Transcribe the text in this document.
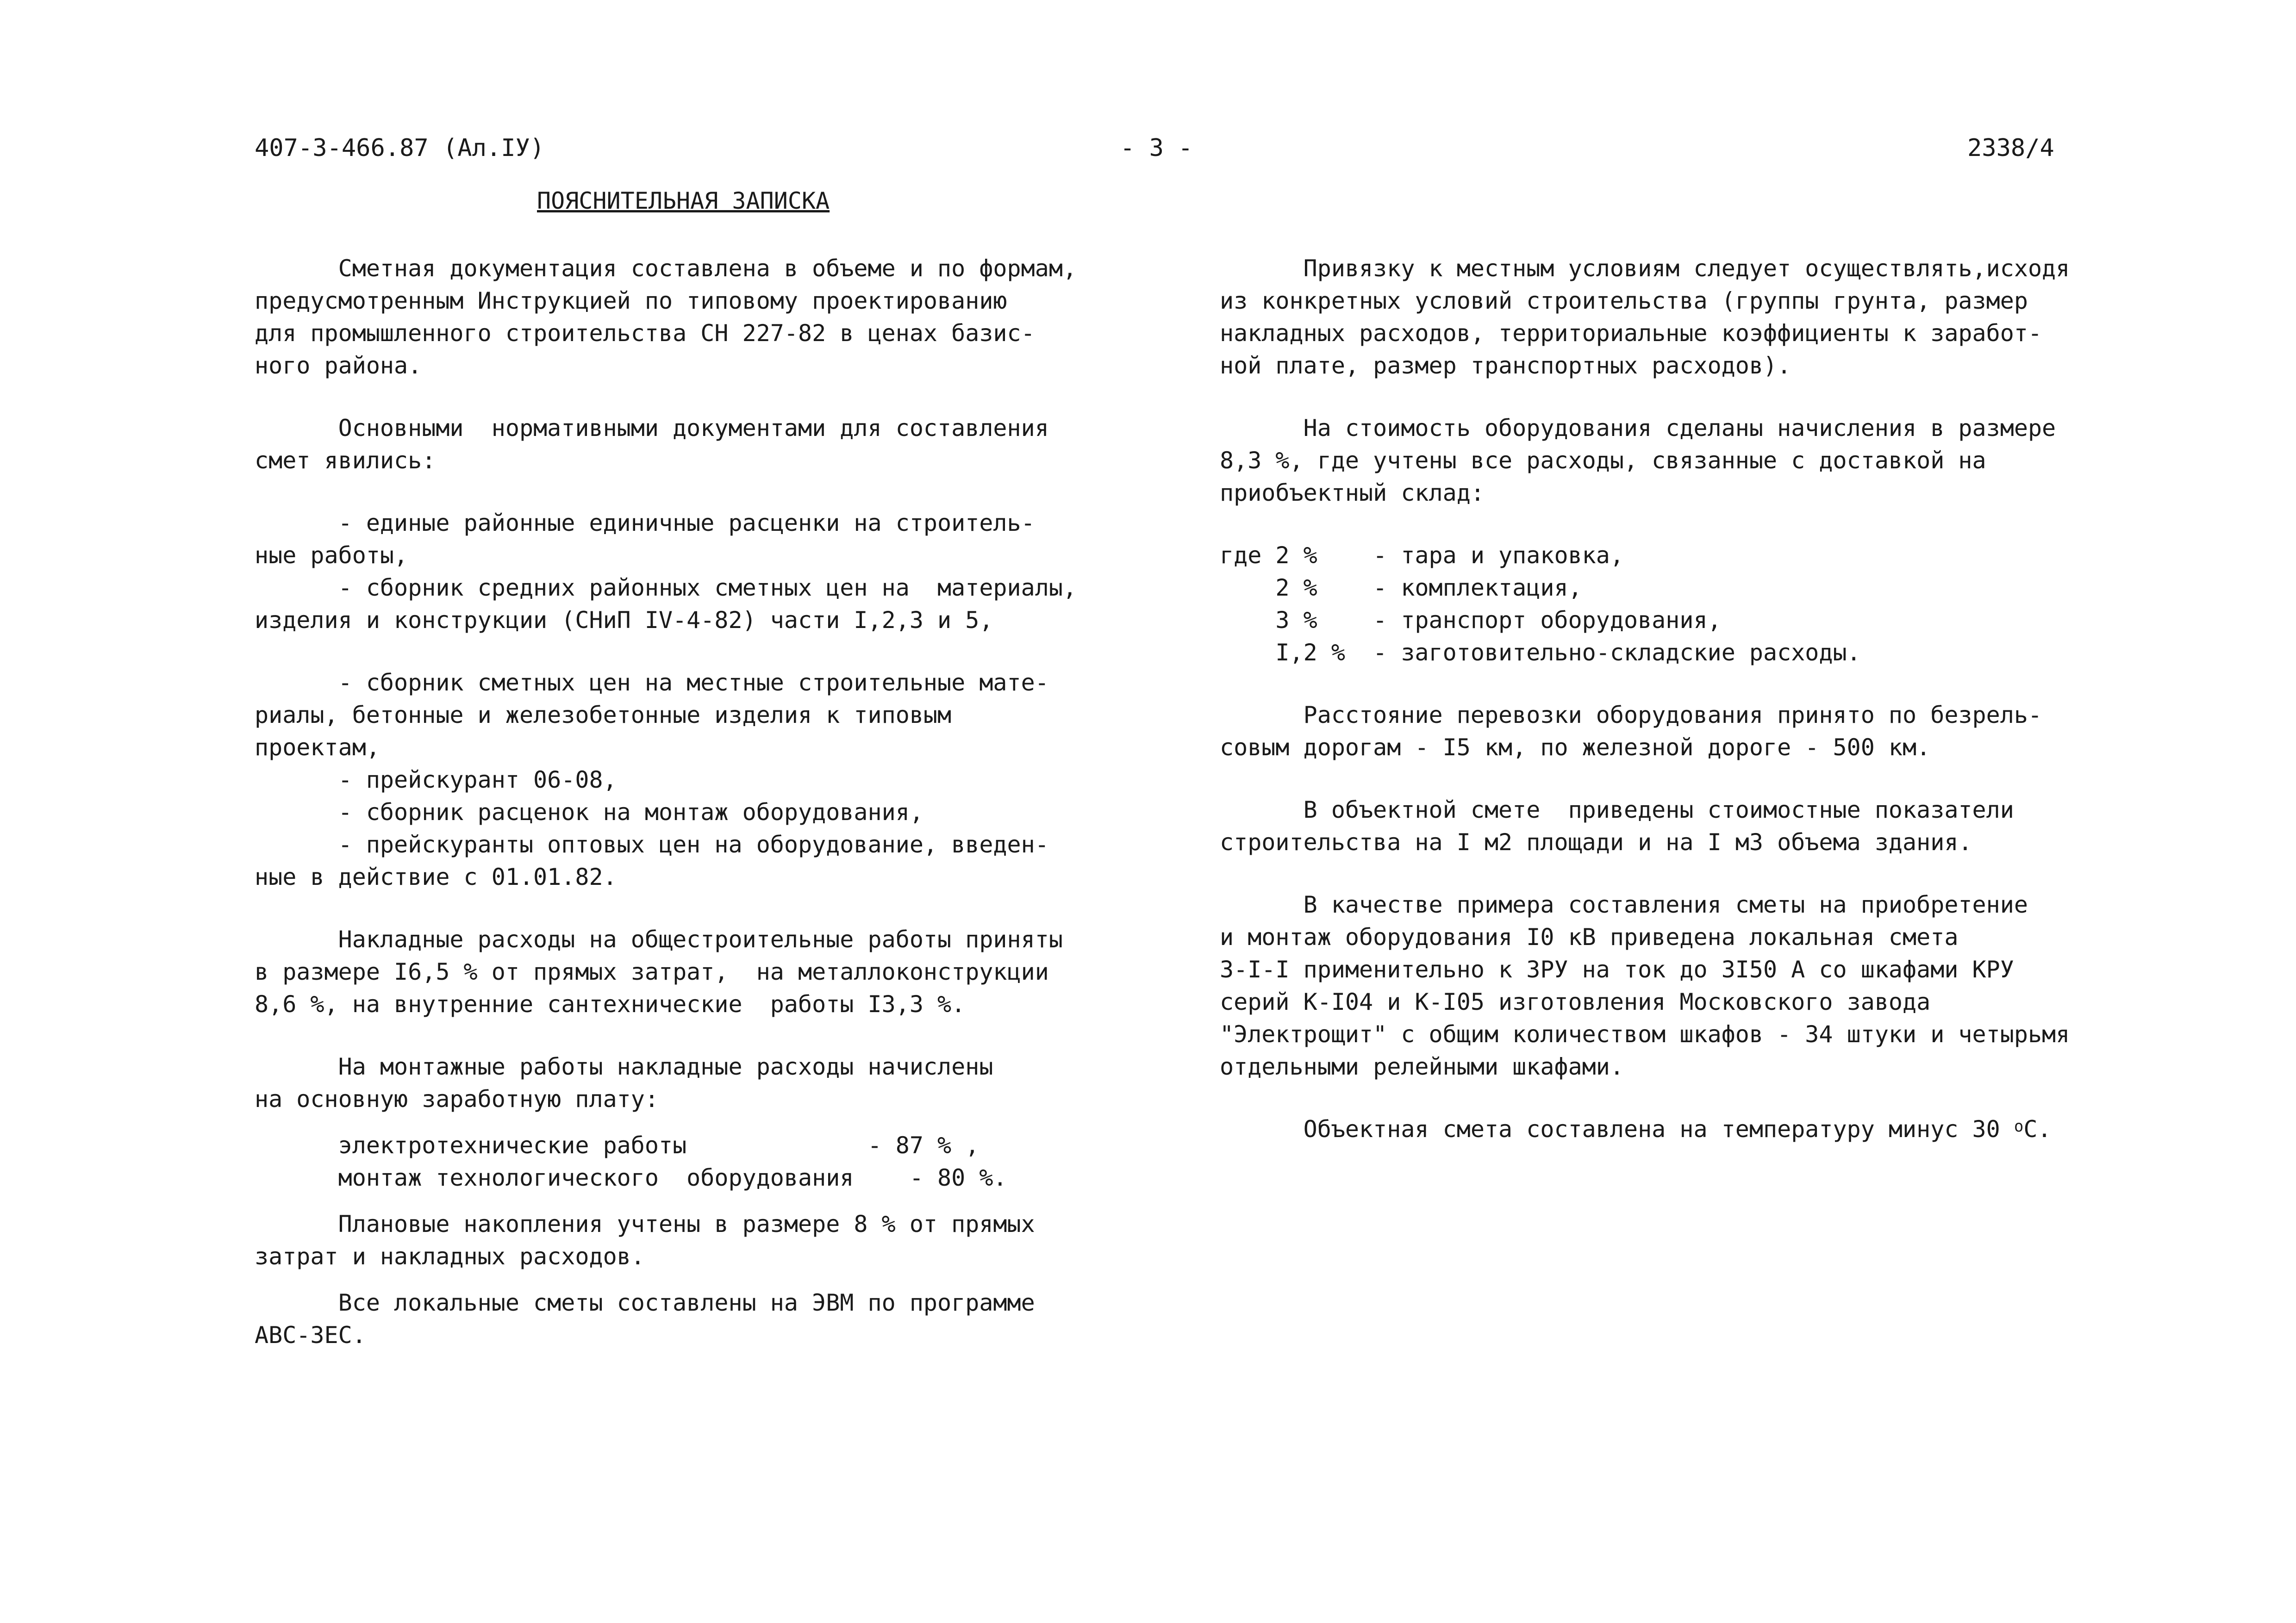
407-3-466.87 (Ал.IУ)	- 3 -	2338/4
ПОЯСНИТЕЛЬНАЯ ЗАПИСКА

Сметная документация составлена в объеме и по формам,

предусмотренным Инструкцией по типовому проектированию

для промышленного строительства СН 227-82 в ценах базис-

ного района.

Основными  нормативными документами для составления

смет явились:

- единые районные единичные расценки на строитель-

ные работы,

- сборник средних районных сметных цен на  материалы,

изделия и конструкции (СНиП IV-4-82) части I,2,3 и 5,

- сборник сметных цен на местные строительные мате-

риалы, бетонные и железобетонные изделия к типовым

проектам,

- прейскурант 06-08,

- сборник расценок на монтаж оборудования,

- прейскуранты оптовых цен на оборудование, введен-

ные в действие с 01.01.82.

Накладные расходы на общестроительные работы приняты

в размере I6,5 % от прямых затрат,  на металлоконструкции

8,6 %, на внутренние сантехнические  работы I3,3 %.

На монтажные работы накладные расходы начислены

на основную заработную плату:

электротехнические работы             - 87 % ,

монтаж технологического  оборудования    - 80 %.

Плановые накопления учтены в размере 8 % от прямых

затрат и накладных расходов.

Все локальные сметы составлены на ЭВМ по программе

АВС-3ЕС.

Привязку к местным условиям следует осуществлять,исходя

из конкретных условий строительства (группы грунта, размер

накладных расходов, территориальные коэффициенты к заработ-

ной плате, размер транспортных расходов).

На стоимость оборудования сделаны начисления в размере

8,3 %, где учтены все расходы, связанные с доставкой на

приобъектный склад:

где 2 %    - тара и упаковка,

2 %    - комплектация,

3 %    - транспорт оборудования,

I,2 %  - заготовительно-складские расходы.

Расстояние перевозки оборудования принято по безрель-

совым дорогам - I5 км, по железной дороге - 500 км.

В объектной смете  приведены стоимостные показатели

строительства на I м2 площади и на I м3 объема здания.

В качестве примера составления сметы на приобретение

и монтаж оборудования I0 кВ приведена локальная смета

3-I-I применительно к ЗРУ на ток до 3I50 А со шкафами КРУ

серий К-I04 и К-I05 изготовления Московского завода

"Электрощит" с общим количеством шкафов - 34 штуки и четырьмя

отдельными релейными шкафами.

Объектная смета составлена на температуру минус 30 $^о$С.
